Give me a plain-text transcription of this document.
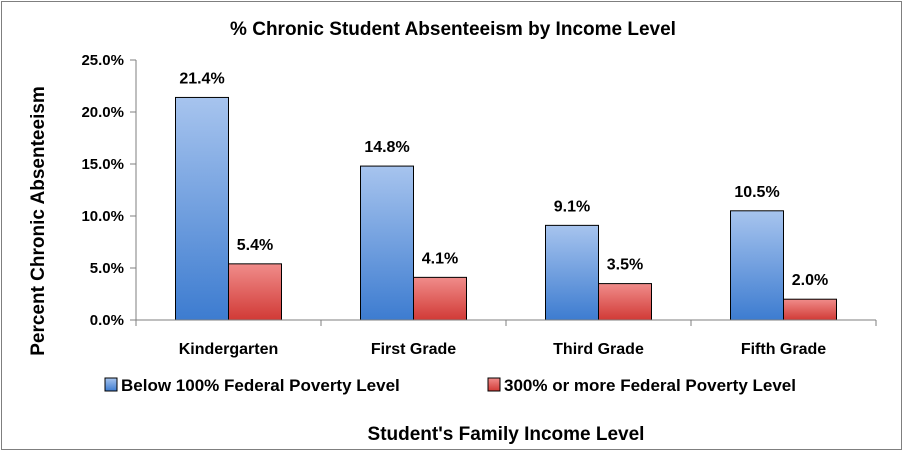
% Chronic Student Absenteeism by Income Level
Percent Chronic Absenteeism
Student's Family Income Level
0.0%
5.0%
10.0%
15.0%
20.0%
25.0%
21.4%
5.4%
14.8%
4.1%
9.1%
3.5%
10.5%
2.0%
Kindergarten	First Grade	Third Grade	Fifth Grade
Below 100% Federal Poverty Level	300% or more Federal Poverty Level
